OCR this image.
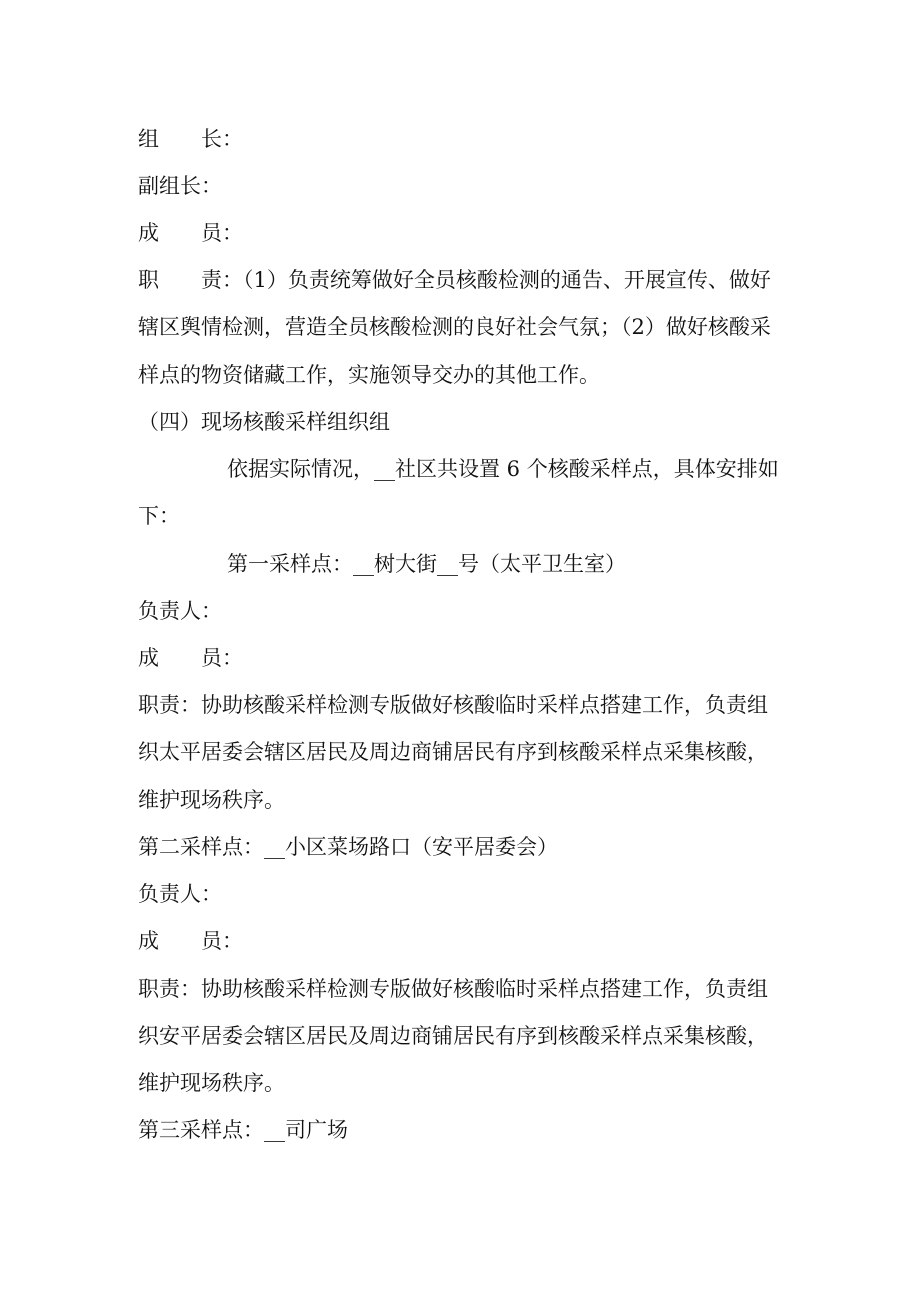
组　　长：
副组长：
成　　员：
职　　责：（1）负责统筹做好全员核酸检测的通告、开展宣传、做好
辖区舆情检测，营造全员核酸检测的良好社会气氛；（2）做好核酸采
样点的物资储藏工作，实施领导交办的其他工作。
（四）现场核酸采样组织组
依据实际情况，__社区共设置 6 个核酸采样点，具体安排如
下：
第一采样点：__树大街__号（太平卫生室）
负责人：
成　　员：
职责：协助核酸采样检测专版做好核酸临时采样点搭建工作，负责组
织太平居委会辖区居民及周边商铺居民有序到核酸采样点采集核酸，
维护现场秩序。
第二采样点：__小区菜场路口（安平居委会）
负责人：
成　　员：
职责：协助核酸采样检测专版做好核酸临时采样点搭建工作，负责组
织安平居委会辖区居民及周边商铺居民有序到核酸采样点采集核酸，
维护现场秩序。
第三采样点：__司广场
